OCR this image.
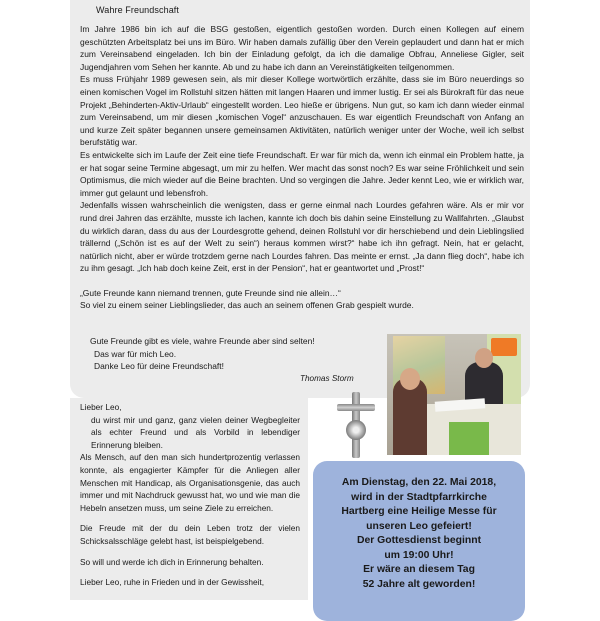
Wahre Freundschaft

Im Jahre 1986 bin ich auf die BSG gestoßen, eigentlich gestoßen worden. Durch einen Kollegen auf einem geschützten Arbeitsplatz bei uns im Büro. Wir haben damals zufällig über den Verein geplaudert und dann hat er mich zum Vereinsabend eingeladen. Ich bin der Einladung gefolgt, da ich die damalige Obfrau, Anneliese Gigler, seit Jugendjahren vom Sehen her kannte. Ab und zu habe ich dann an Vereinstätigkeiten teilgenommen.

Es muss Frühjahr 1989 gewesen sein, als mir dieser Kollege wortwörtlich erzählte, dass sie im Büro neuerdings so einen komischen Vogel im Rollstuhl sitzen hätten mit langen Haaren und immer lustig. Er sei als Bürokraft für das neue Projekt „Behinderten-Aktiv-Urlaub“ eingestellt worden. Leo hieße er übrigens. Nun gut, so kam ich dann wieder einmal zum Vereinsabend, um mir diesen „komischen Vogel“ anzuschauen. Es war eigentlich Freundschaft von Anfang an und kurze Zeit später begannen unsere gemeinsamen Aktivitäten, natürlich weniger unter der Woche, weil ich selbst berufstätig war.

Es entwickelte sich im Laufe der Zeit eine tiefe Freundschaft. Er war für mich da, wenn ich einmal ein Problem hatte, ja er hat sogar seine Termine abgesagt, um mir zu helfen. Wer macht das sonst noch? Es war seine Fröhlichkeit und sein Optimismus, die mich wieder auf die Beine brachten. Und so vergingen die Jahre. Jeder kennt Leo, wie er wirklich war, immer gut gelaunt und lebensfroh.

Jedenfalls wissen wahrscheinlich die wenigsten, dass er gerne einmal nach Lourdes gefahren wäre. Als er mir vor rund drei Jahren das erzählte, musste ich lachen, kannte ich doch bis dahin seine Einstellung zu Wallfahrten. „Glaubst du wirklich daran, dass du aus der Lourdesgrotte gehend, deinen Rollstuhl vor dir herschiebend und dein Lieblingslied trällernd („Schön ist es auf der Welt zu sein“) heraus kommen wirst?“ habe ich ihn gefragt. Nein, hat er gelacht, natürlich nicht, aber er würde trotzdem gerne nach Lourdes fahren. Das meinte er ernst. „Ja dann flieg doch“, habe ich zu ihm gesagt. „Ich hab doch keine Zeit, erst in der Pension“, hat er geantwortet und „Prost!“

„Gute Freunde kann niemand trennen, gute Freunde sind nie allein…“

So viel zu einem seiner Lieblingslieder, das auch an seinem offenen Grab gespielt wurde.

Gute Freunde gibt es viele, wahre Freunde aber sind selten!

Das war für mich Leo.

Danke Leo für deine Freundschaft!

Thomas Storm

Lieber Leo,

du wirst mir und ganz, ganz vielen deiner Wegbegleiter als echter Freund und als Vorbild in lebendiger Erinnerung bleiben.

Als Mensch, auf den man sich hundertprozentig verlassen konnte, als engagierter Kämpfer für die Anliegen aller Menschen mit Handicap, als Organisationsgenie, das auch immer und mit Nachdruck gewusst hat, wo und wie man die Hebeln ansetzen muss, um seine Ziele zu erreichen.

Die Freude mit der du dein Leben trotz der vielen Schicksalsschläge gelebt hast, ist beispielgebend.

So will und werde ich dich in Erinnerung behalten.

Lieber Leo, ruhe in Frieden und in der Gewissheit,

Am Dienstag, den 22. Mai 2018,
wird in der Stadtpfarrkirche
Hartberg eine Heilige Messe für
unseren Leo gefeiert!
Der Gottesdienst beginnt
um 19:00 Uhr!
Er wäre an diesem Tag
52 Jahre alt geworden!
